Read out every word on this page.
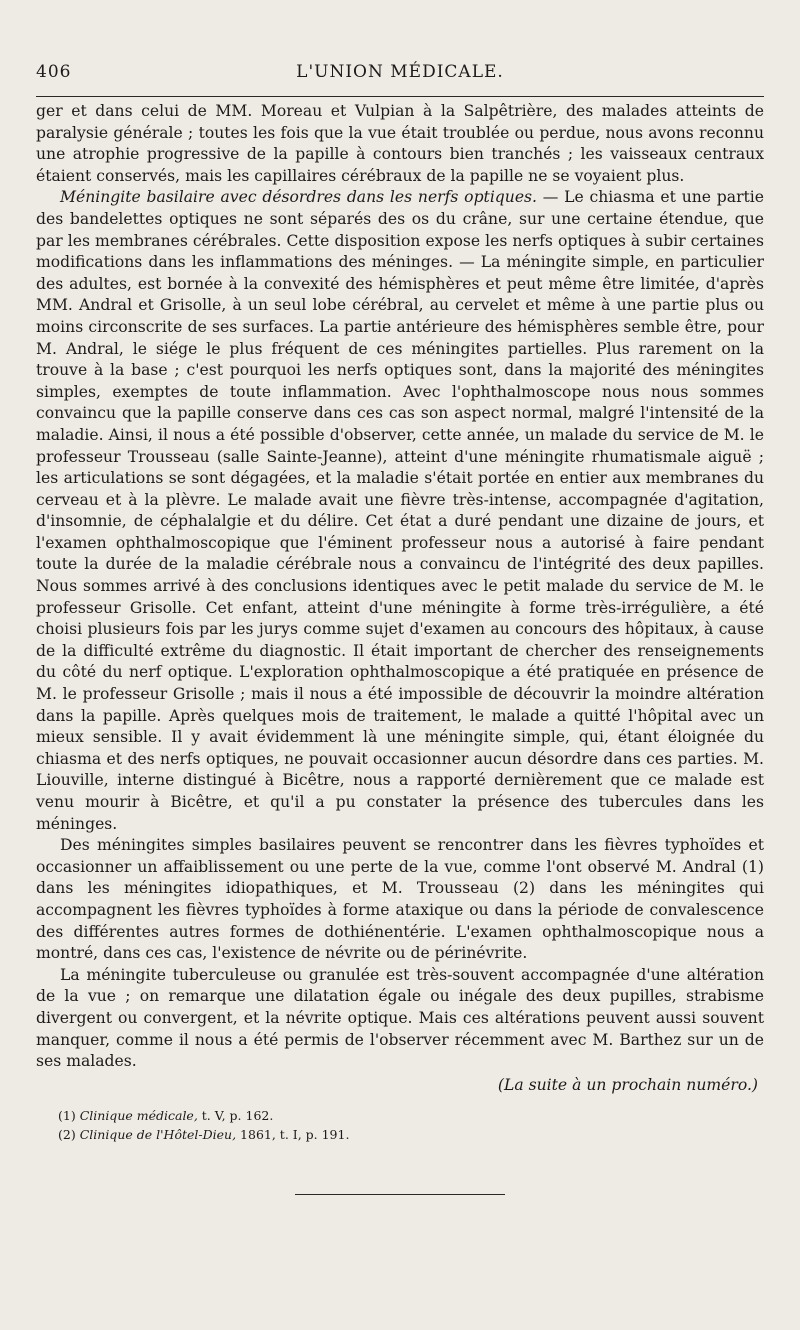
406	L'UNION MÉDICALE.

ger et dans celui de MM. Moreau et Vulpian à la Salpêtrière, des malades atteints de paralysie générale ; toutes les fois que la vue était troublée ou perdue, nous avons reconnu une atrophie progressive de la papille à contours bien tranchés ; les vaisseaux centraux étaient conservés, mais les capillaires cérébraux de la papille ne se voyaient plus.

Méningite basilaire avec désordres dans les nerfs optiques. — Le chiasma et une partie des bandelettes optiques ne sont séparés des os du crâne, sur une certaine étendue, que par les membranes cérébrales. Cette disposition expose les nerfs optiques à subir certaines modifications dans les inflammations des méninges. — La méningite simple, en particulier des adultes, est bornée à la convexité des hémisphères et peut même être limitée, d'après MM. Andral et Grisolle, à un seul lobe cérébral, au cervelet et même à une partie plus ou moins circonscrite de ses surfaces. La partie antérieure des hémisphères semble être, pour M. Andral, le siége le plus fréquent de ces méningites partielles. Plus rarement on la trouve à la base ; c'est pourquoi les nerfs optiques sont, dans la majorité des méningites simples, exemptes de toute inflammation. Avec l'ophthalmoscope nous nous sommes convaincu que la papille conserve dans ces cas son aspect normal, malgré l'intensité de la maladie. Ainsi, il nous a été possible d'observer, cette année, un malade du service de M. le professeur Trousseau (salle Sainte-Jeanne), atteint d'une méningite rhumatismale aiguë ; les articulations se sont dégagées, et la maladie s'était portée en entier aux membranes du cerveau et à la plèvre. Le malade avait une fièvre très-intense, accompagnée d'agitation, d'insomnie, de céphalalgie et du délire. Cet état a duré pendant une dizaine de jours, et l'examen ophthalmoscopique que l'éminent professeur nous a autorisé à faire pendant toute la durée de la maladie cérébrale nous a convaincu de l'intégrité des deux papilles. Nous sommes arrivé à des conclusions identiques avec le petit malade du service de M. le professeur Grisolle. Cet enfant, atteint d'une méningite à forme très-irrégulière, a été choisi plusieurs fois par les jurys comme sujet d'examen au concours des hôpitaux, à cause de la difficulté extrême du diagnostic. Il était important de chercher des renseignements du côté du nerf optique. L'exploration ophthalmoscopique a été pratiquée en présence de M. le professeur Grisolle ; mais il nous a été impossible de découvrir la moindre altération dans la papille. Après quelques mois de traitement, le malade a quitté l'hôpital avec un mieux sensible. Il y avait évidemment là une méningite simple, qui, étant éloignée du chiasma et des nerfs optiques, ne pouvait occasionner aucun désordre dans ces parties. M. Liouville, interne distingué à Bicêtre, nous a rapporté dernièrement que ce malade est venu mourir à Bicêtre, et qu'il a pu constater la présence des tubercules dans les méninges.

Des méningites simples basilaires peuvent se rencontrer dans les fièvres typhoïdes et occasionner un affaiblissement ou une perte de la vue, comme l'ont observé M. Andral (1) dans les méningites idiopathiques, et M. Trousseau (2) dans les méningites qui accompagnent les fièvres typhoïdes à forme ataxique ou dans la période de convalescence des différentes autres formes de dothiénentérie. L'examen ophthalmoscopique nous a montré, dans ces cas, l'existence de névrite ou de périnévrite.

La méningite tuberculeuse ou granulée est très-souvent accompagnée d'une altération de la vue ; on remarque une dilatation égale ou inégale des deux pupilles, strabisme divergent ou convergent, et la névrite optique. Mais ces altérations peuvent aussi souvent manquer, comme il nous a été permis de l'observer récemment avec M. Barthez sur un de ses malades.

(La suite à un prochain numéro.)

(1) Clinique médicale, t. V, p. 162.
(2) Clinique de l'Hôtel-Dieu, 1861, t. I, p. 191.
